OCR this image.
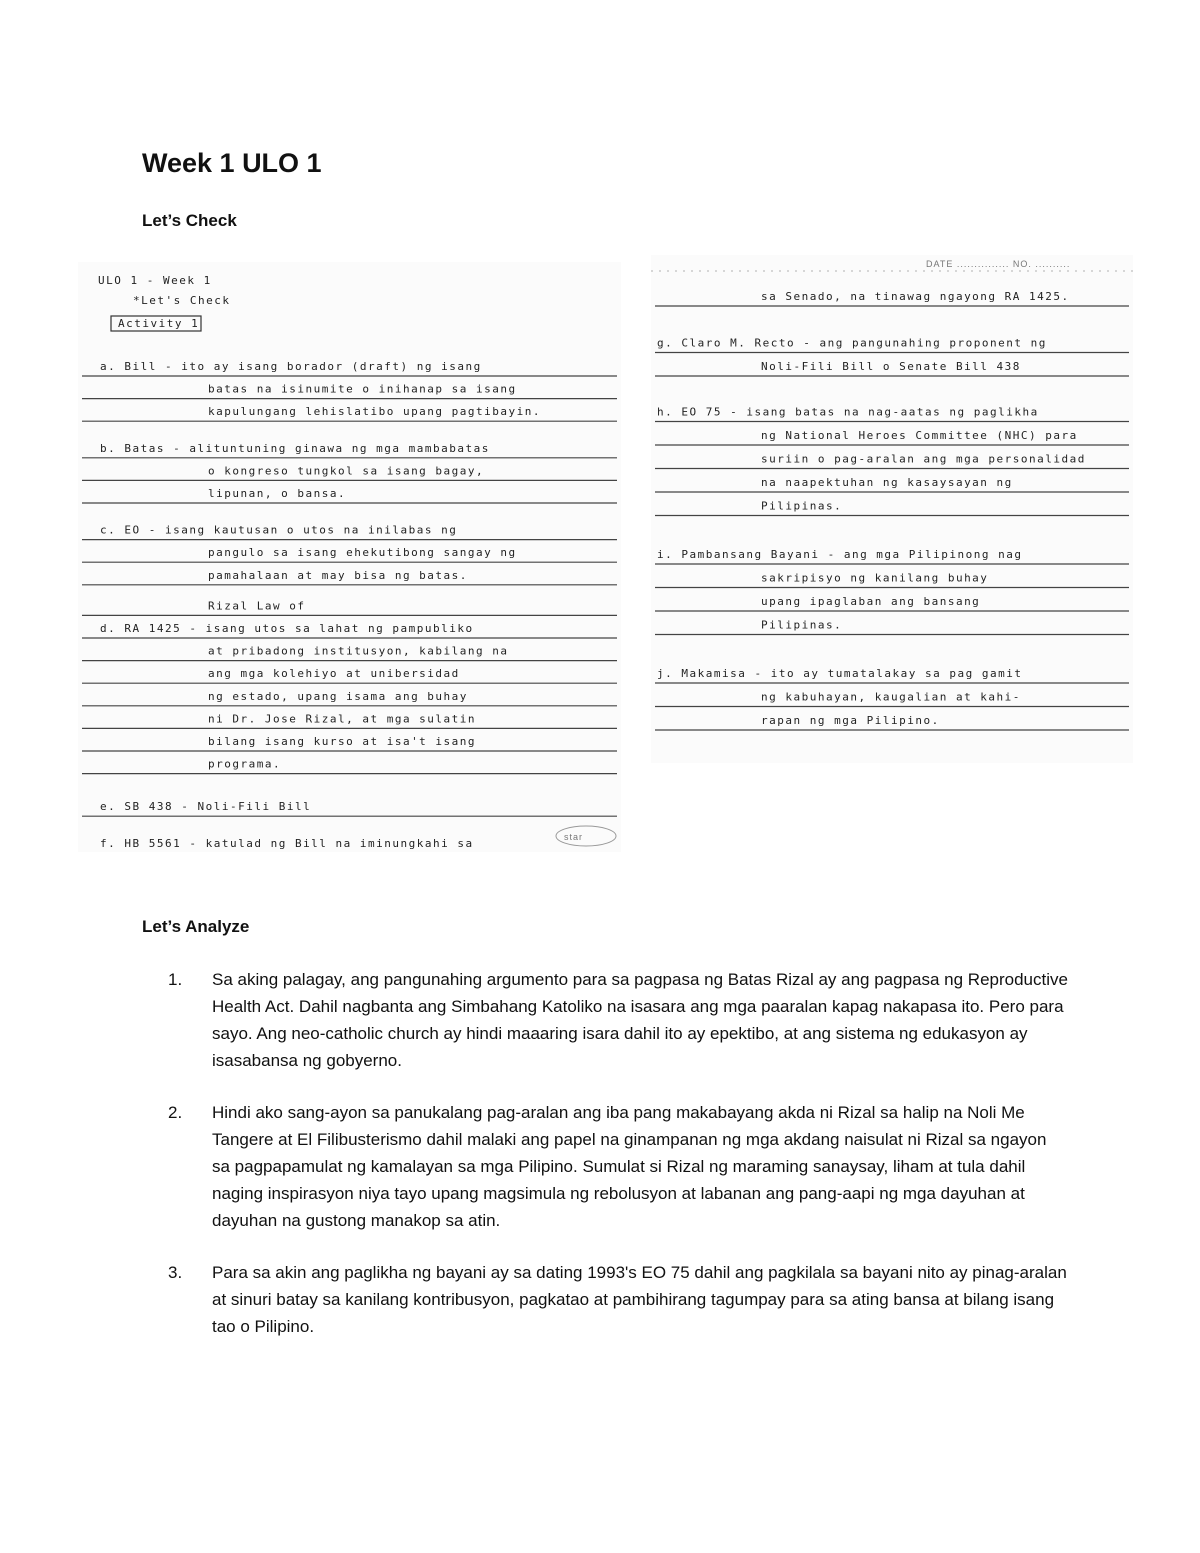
Week 1 ULO 1
Let’s Check
ULO 1 - Week 1
*Let's Check
Activity 1
a. Bill - ito ay isang borador (draft) ng isang
batas na isinumite o inihanap sa isang
kapulungang lehislatibo upang pagtibayin.
b. Batas - alituntuning ginawa ng mga mambabatas
o kongreso tungkol sa isang bagay,
lipunan, o bansa.
c. EO - isang kautusan o utos na inilabas ng
pangulo sa isang ehekutibong sangay ng
pamahalaan at may bisa ng batas.
Rizal Law of
d. RA 1425 - isang utos sa lahat ng pampubliko
at pribadong institusyon, kabilang na
ang mga kolehiyo at unibersidad
ng estado, upang isama ang buhay
ni Dr. Jose Rizal, at mga sulatin
bilang isang kurso at isa't isang
programa.
e. SB 438 - Noli-Fili Bill
f. HB 5561 - katulad ng Bill na iminungkahi sa	star
DATE ............... NO. ..........
sa Senado, na tinawag ngayong RA 1425.
g. Claro M. Recto - ang pangunahing proponent ng
Noli-Fili Bill o Senate Bill 438
h. EO 75 - isang batas na nag-aatas ng paglikha
ng National Heroes Committee (NHC) para
suriin o pag-aralan ang mga personalidad
na naapektuhan ng kasaysayan ng
Pilipinas.
i. Pambansang Bayani - ang mga Pilipinong nag
sakripisyo ng kanilang buhay
upang ipaglaban ang bansang
Pilipinas.
j. Makamisa - ito ay tumatalakay sa pag gamit
ng kabuhayan, kaugalian at kahi-
rapan ng mga Pilipino.
Let’s Analyze
1.	Sa aking palagay, ang pangunahing argumento para sa pagpasa ng Batas Rizal ay ang pagpasa ng Reproductive Health Act. Dahil nagbanta ang Simbahang Katoliko na isasara ang mga paaralan kapag nakapasa ito. Pero para sayo. Ang neo-catholic church ay hindi maaaring isara dahil ito ay epektibo, at ang sistema ng edukasyon ay isasabansa ng gobyerno.
2.	Hindi ako sang-ayon sa panukalang pag-aralan ang iba pang makabayang akda ni Rizal sa halip na Noli Me Tangere at El Filibusterismo dahil malaki ang papel na ginampanan ng mga akdang naisulat ni Rizal sa ngayon sa pagpapamulat ng kamalayan sa mga Pilipino. Sumulat si Rizal ng maraming sanaysay, liham at tula dahil naging inspirasyon niya tayo upang magsimula ng rebolusyon at labanan ang pang-aapi ng mga dayuhan at dayuhan na gustong manakop sa atin.
3.	Para sa akin ang paglikha ng bayani ay sa dating 1993's EO 75 dahil ang pagkilala sa bayani nito ay pinag-aralan at sinuri batay sa kanilang kontribusyon, pagkatao at pambihirang tagumpay para sa ating bansa at bilang isang tao o Pilipino.
